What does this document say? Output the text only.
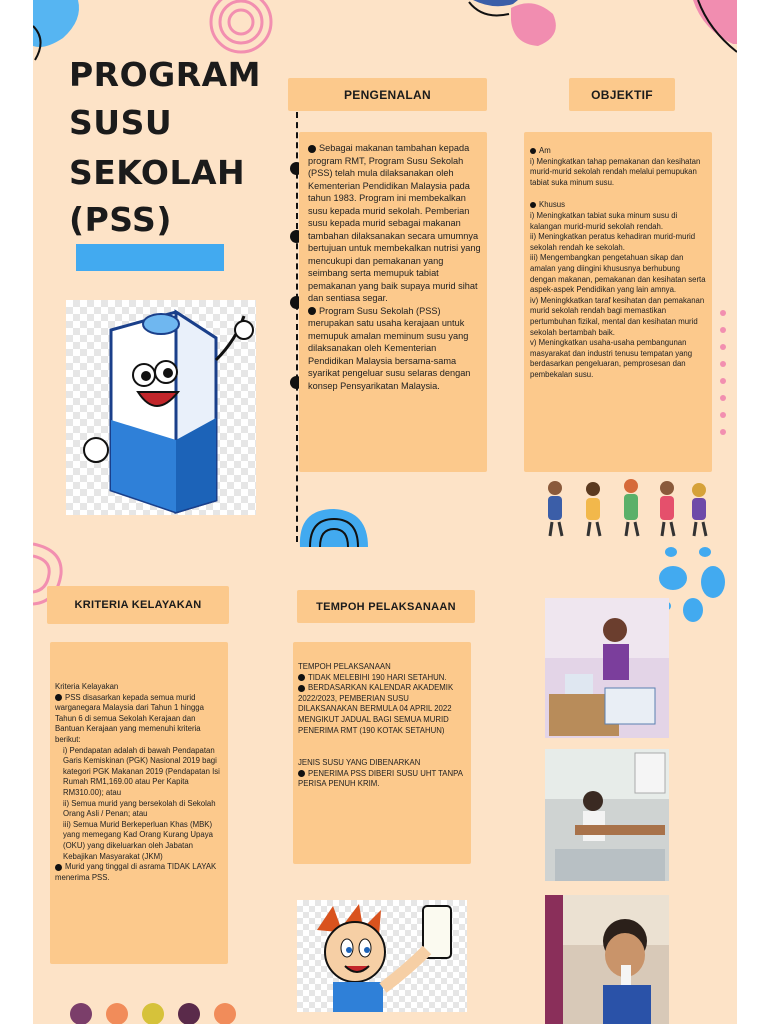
PROGRAM
SUSU
SEKOLAH
(PSS)
PENGENALAN
Sebagai makanan tambahan kepada program RMT, Program Susu Sekolah (PSS) telah mula dilaksanakan oleh Kementerian Pendidikan Malaysia pada tahun 1983. Program ini membekalkan susu kepada murid sekolah. Pemberian susu kepada murid sebagai makanan tambahan dilaksanakan secara umumnya bertujuan untuk membekalkan nutrisi yang mencukupi dan pemakanan yang seimbang serta memupuk tabiat pemakanan yang baik supaya murid sihat dan sentiasa segar.
Program Susu Sekolah (PSS) merupakan satu usaha kerajaan untuk memupuk amalan meminum susu yang dilaksanakan oleh Kementerian Pendidikan Malaysia bersama-sama syarikat pengeluar susu selaras dengan konsep Pensyarikatan Malaysia.
OBJEKTIF
Am
i) Meningkatkan tahap pemakanan dan kesihatan murid-murid sekolah rendah melalui pemupukan tabiat suka minum susu.
Khusus
i) Meningkatkan tabiat suka minum susu di kalangan murid-murid sekolah rendah.
ii) Meningkatkan peratus kehadiran murid-murid sekolah rendah ke sekolah.
iii) Mengembangkan pengetahuan sikap dan amalan yang diingini khususnya berhubung dengan makanan, pemakanan dan kesihatan serta aspek-aspek Pendidikan yang lain amnya.
iv) Meningkkatkan taraf kesihatan dan pemakanan murid sekolah rendah bagi memastikan pertumbuhan fizikal, mental dan kesihatan murid sekolah bertambah baik.
v) Meningkatkan usaha-usaha pembangunan masyarakat dan industri tenusu tempatan yang berdasarkan pengeluaran, pemprosesan dan pembekalan susu.
KRITERIA KELAYAKAN
Kriteria Kelayakan
PSS disasarkan kepada semua murid warganegara Malaysia dari Tahun 1 hingga Tahun 6 di semua Sekolah Kerajaan dan Bantuan Kerajaan yang memenuhi kriteria berikut:
i) Pendapatan adalah di bawah Pendapatan Garis Kemiskinan (PGK) Nasional 2019 bagi kategori PGK Makanan 2019 (Pendapatan Isi Rumah RM1,169.00 atau Per Kapita RM310.00); atau
ii) Semua murid yang bersekolah di Sekolah Orang Asli / Penan; atau
iii) Semua Murid Berkeperluan Khas (MBK) yang memegang Kad Orang Kurang Upaya (OKU) yang dikeluarkan oleh Jabatan Kebajikan Masyarakat (JKM)
Murid yang tinggal di asrama TIDAK LAYAK menerima PSS.
TEMPOH PELAKSANAAN
TEMPOH PELAKSANAAN
TIDAK MELEBIHI 190 HARI SETAHUN.
BERDASARKAN KALENDAR AKADEMIK 2022/2023, PEMBERIAN SUSU DILAKSANAKAN BERMULA 04 APRIL 2022 MENGIKUT JADUAL BAGI SEMUA MURID PENERIMA RMT (190 KOTAK SETAHUN)
JENIS SUSU YANG DIBENARKAN
PENERIMA PSS DIBERI SUSU UHT TANPA PERISA PENUH KRIM.
